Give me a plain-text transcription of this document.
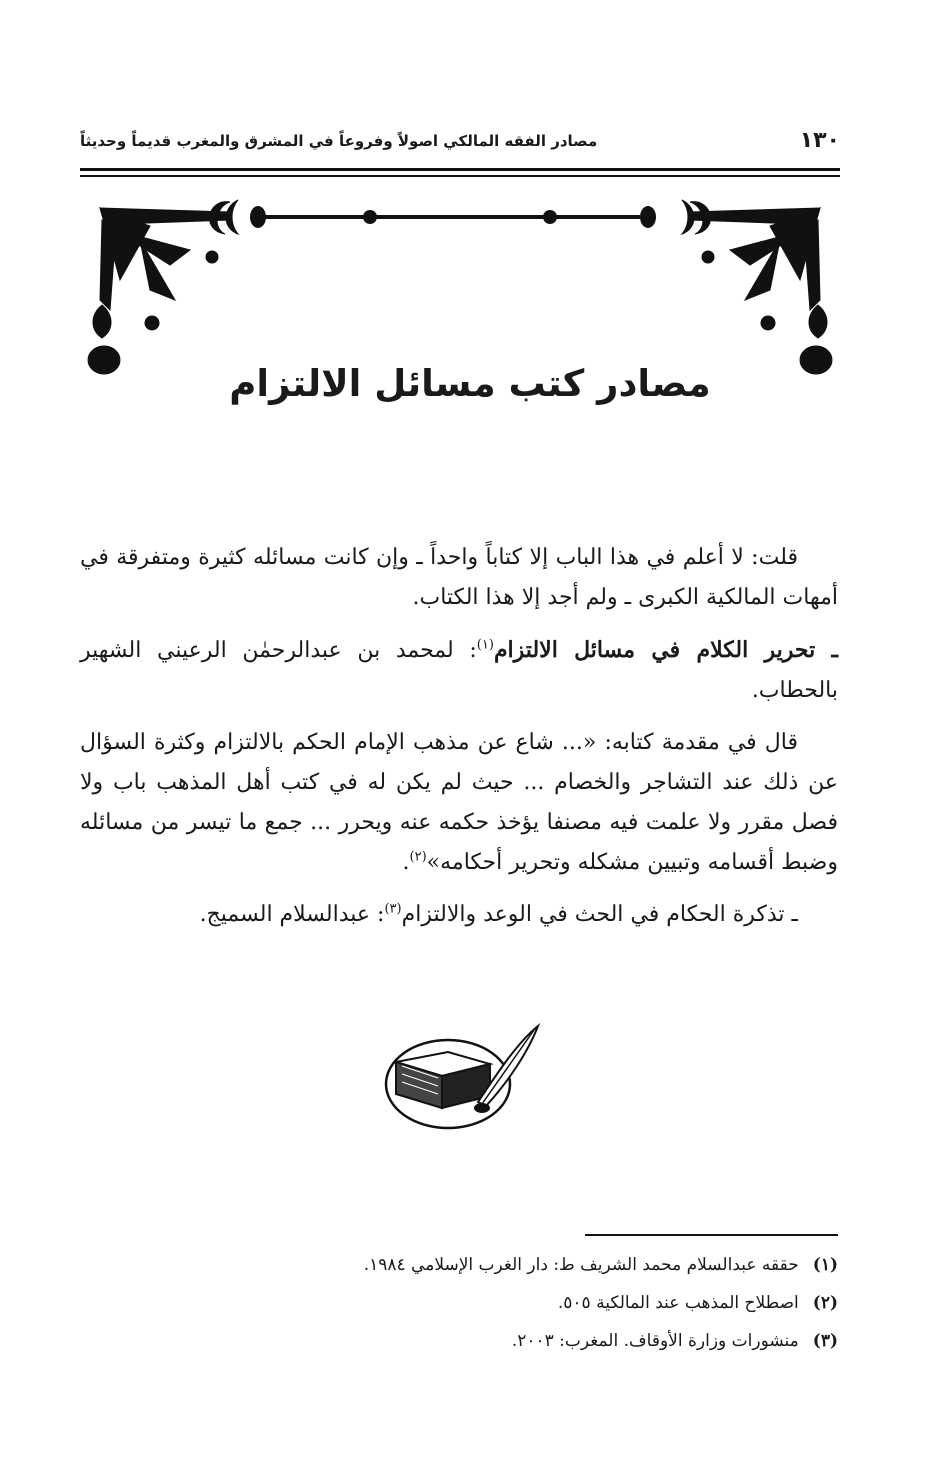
١٣٠
مصادر الفقه المالكي اصولاً وفروعاً في المشرق والمغرب قديماً وحديثاً
مصادر كتب مسائل الالتزام

قلت: لا أعلم في هذا الباب إلا كتاباً واحداً ـ وإن كانت مسائله كثيرة ومتفرقة في أمهات المالكية الكبرى ـ ولم أجد إلا هذا الكتاب.

ـ تحرير الكلام في مسائل الالتزام$^{(١)}$: لمحمد بن عبدالرحمٰن الرعيني الشهير بالحطاب.

قال في مقدمة كتابه: «... شاع عن مذهب الإمام الحكم بالالتزام وكثرة السؤال عن ذلك عند التشاجر والخصام ... حيث لم يكن له في كتب أهل المذهب باب ولا فصل مقرر ولا علمت فيه مصنفا يؤخذ حكمه عنه ويحرر ... جمع ما تيسر من مسائله وضبط أقسامه وتبيين مشكله وتحرير أحكامه»$^{(٢)}$.

ـ تذكرة الحكام في الحث في الوعد والالتزام$^{(٣)}$: عبدالسلام السميج.

(١)حققه عبدالسلام محمد الشريف ط: دار الغرب الإسلامي ١٩٨٤.
(٢)اصطلاح المذهب عند المالكية ٥٠٥.
(٣)منشورات وزارة الأوقاف. المغرب: ٢٠٠٣.
